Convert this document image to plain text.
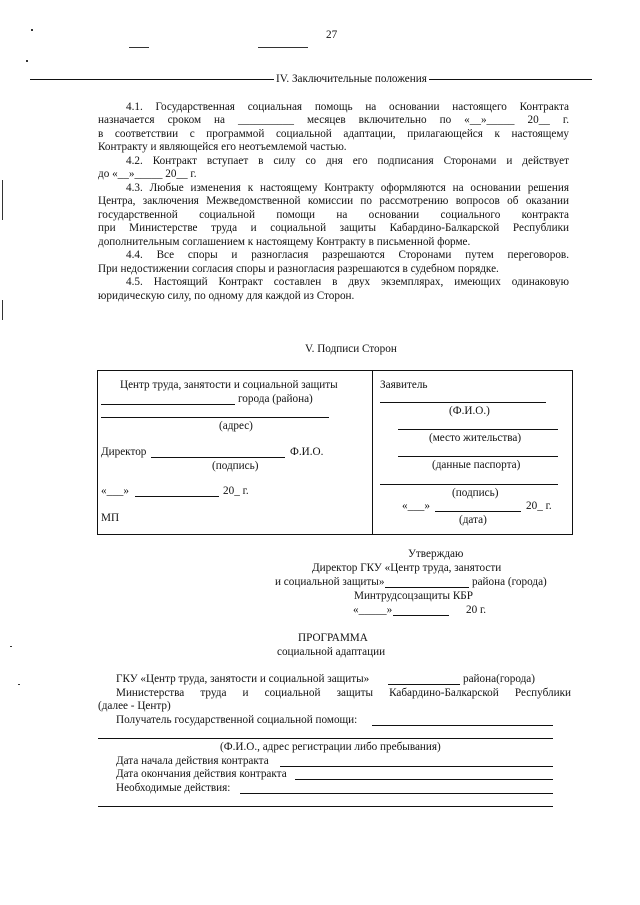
27
IV. Заключительные положения
4.1. Государственная социальная помощь на основании настоящего Контракта
назначается сроком на __________ месяцев включительно по «__»_____ 20__ г.
в соответствии с программой социальной адаптации, прилагающейся к настоящему
Контракту и являющейся его неотъемлемой частью.
4.2. Контракт вступает в силу со дня его подписания Сторонами и действует
до «__»_____ 20__ г.
4.3. Любые изменения к настоящему Контракту оформляются на основании решения
Центра, заключения Межведомственной комиссии по рассмотрению вопросов об оказании
государственной социальной помощи на основании социального контракта
при Министерстве труда и социальной защиты Кабардино-Балкарской Республики
дополнительным соглашением к настоящему Контракту в письменной форме.
4.4. Все споры и разногласия разрешаются Сторонами путем переговоров.
При недостижении согласия споры и разногласия разрешаются в судебном порядке.
4.5. Настоящий Контракт составлен в двух экземплярах, имеющих одинаковую
юридическую силу, по одному для каждой из Сторон.
V. Подписи Сторон
Центр труда, занятости и социальной защиты
города (района)
(адрес)
Директор	Ф.И.О.
(подпись)
«___»	20_ г.
МП
Заявитель
(Ф.И.О.)
(место жительства)
(данные паспорта)
(подпись)
«___»	20_ г.
(дата)
Утверждаю
Директор ГКУ «Центр труда, занятости
и социальной защиты»	района (города)
Минтрудсоцзащиты КБР
«_____»	20 г.
ПРОГРАММА
социальной адаптации
ГКУ «Центр труда, занятости и социальной защиты»	района(города)
Министерства труда и социальной защиты Кабардино-Балкарской Республики
(далее - Центр)
Получатель государственной социальной помощи:
(Ф.И.О., адрес регистрации либо пребывания)
Дата начала действия контракта
Дата окончания действия контракта
Необходимые действия:
